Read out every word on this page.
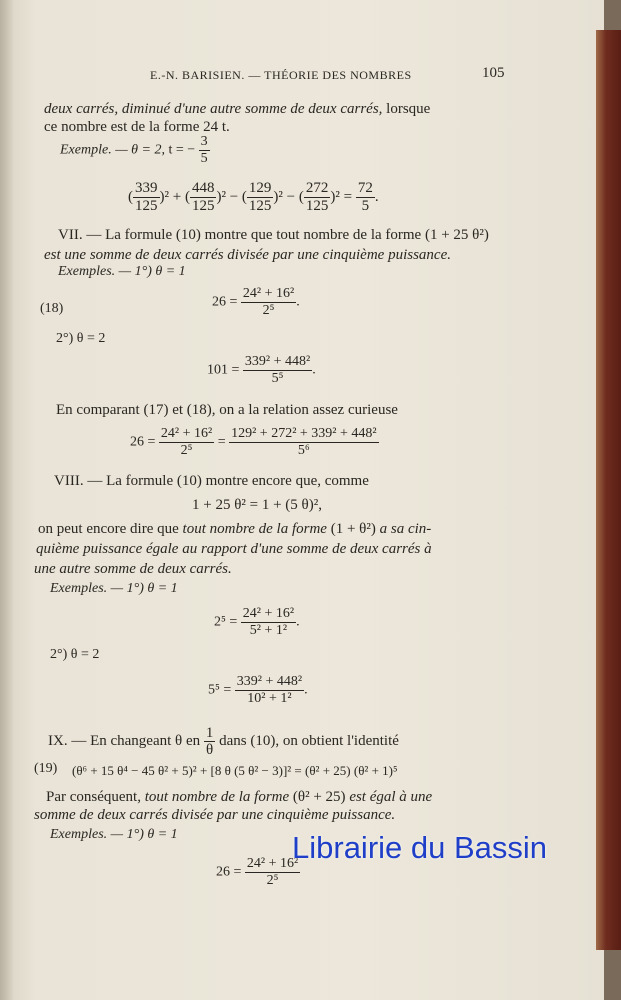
E.-N. BARISIEN. — THÉORIE DES NOMBRES	105
deux carrés, diminué d'une autre somme de deux carrés, lorsque
ce nombre est de la forme 24 t.
Exemple. — θ = 2, t = − $\frac{3}{5}$
( $\frac{339}{125} )^2$ + ( $\frac{448}{125} )^2$ − ( $\frac{129}{125} )^2$ − ( $\frac{272}{125} )^2 = \frac{72}{5}$ .
VII. — La formule (10) montre que tout nombre de la forme (1 + 25 θ²)
est une somme de deux carrés divisée par une cinquième puissance.
Exemples. — 1°) θ = 1
(18)	$26 = \frac{\text{24² + 16²}}{\text{2⁵}}$ .
2°) θ = 2
$101 = \frac{\text{339² + 448²}}{\text{5⁵}}$ .
En comparant (17) et (18), on a la relation assez curieuse
$26 = \frac{\text{24² + 16²}}{\text{2⁵}} = \frac{\text{129² + 272² + 339² + 448²}}{\text{5⁶}}$
VIII. — La formule (10) montre encore que, comme
1 + 25 θ² = 1 + (5 θ)²,
on peut encore dire que tout nombre de la forme (1 + θ²) a sa cin-
quième puissance égale au rapport d'une somme de deux carrés à
une autre somme de deux carrés.
Exemples. — 1°) θ = 1
$2^5 = \frac{\text{24² + 16²}}{\text{5² + 1²}}$ .
2°) θ = 2
$5^5 = \frac{\text{339² + 448²}}{\text{10² + 1²}}$ .
IX. — En changeant θ en $\frac{1}{\theta}$ dans (10), on obtient l'identité
(19) (θ⁶ + 15 θ⁴ − 45 θ² + 5)² + [8 θ (5 θ² − 3)]² = (θ² + 25) (θ² + 1)⁵
Par conséquent, tout nombre de la forme (θ² + 25) est égal à une
somme de deux carrés divisée par une cinquième puissance.
Exemples. — 1°) θ = 1
$26 = \frac{\text{24² + 16²}}{\text{2⁵}}$
Librairie du Bassin
